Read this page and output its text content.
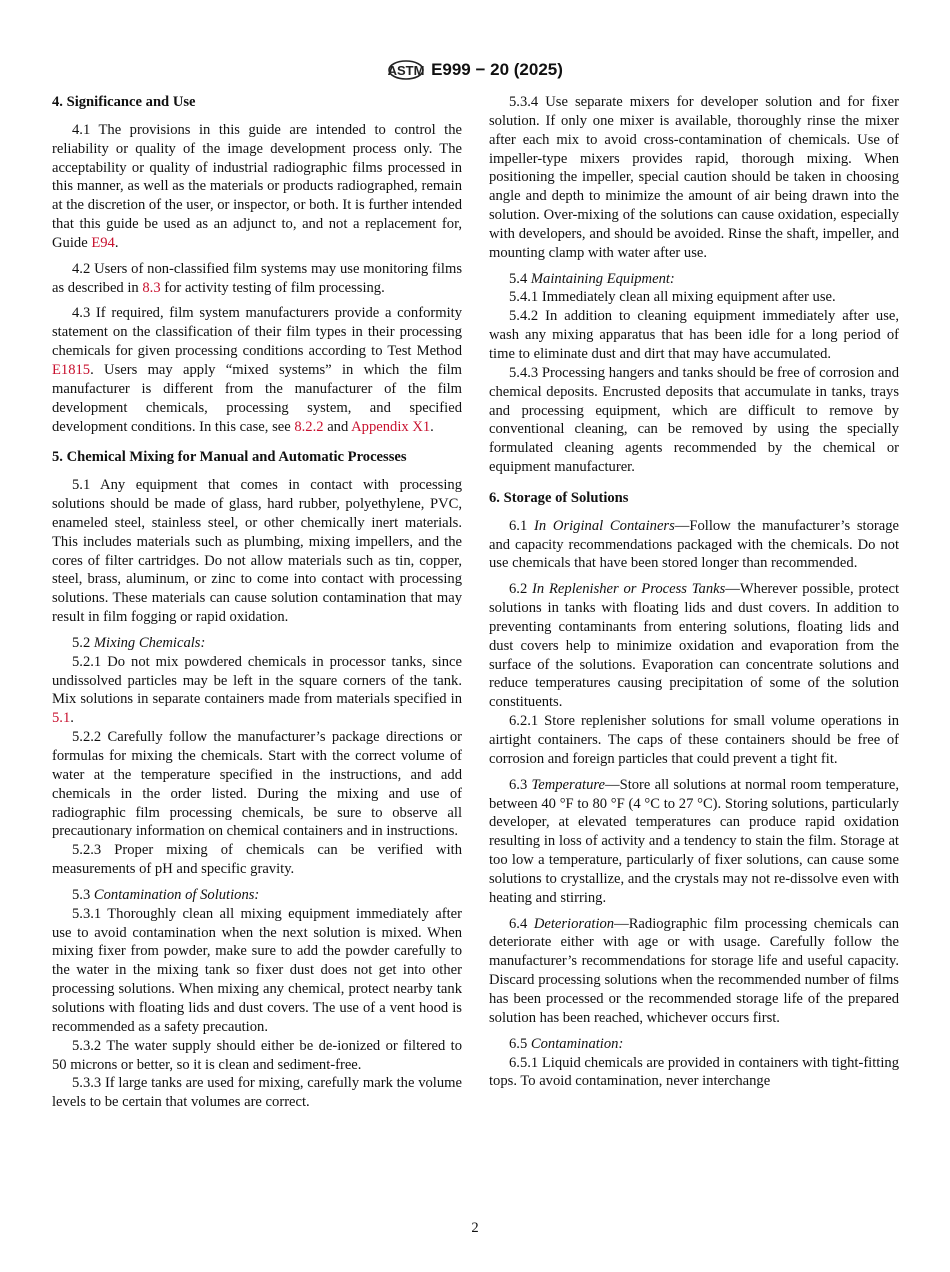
ASTM E999 − 20 (2025)
4. Significance and Use

4.1 The provisions in this guide are intended to control the reliability or quality of the image development process only. The acceptability or quality of industrial radiographic films processed in this manner, as well as the materials or products radiographed, remain at the discretion of the user, or inspector, or both. It is further intended that this guide be used as an adjunct to, and not a replacement for, Guide E94.

4.2 Users of non-classified film systems may use monitoring films as described in 8.3 for activity testing of film processing.

4.3 If required, film system manufacturers provide a conformity statement on the classification of their film types in their processing chemicals for given processing conditions according to Test Method E1815. Users may apply “mixed systems” in which the film manufacturer is different from the manufacturer of the film development chemicals, processing system, and specified development conditions. In this case, see 8.2.2 and Appendix X1.

5. Chemical Mixing for Manual and Automatic Processes

5.1 Any equipment that comes in contact with processing solutions should be made of glass, hard rubber, polyethylene, PVC, enameled steel, stainless steel, or other chemically inert materials. This includes materials such as plumbing, mixing impellers, and the cores of filter cartridges. Do not allow materials such as tin, copper, steel, brass, aluminum, or zinc to come into contact with processing solutions. These materials can cause solution contamination that may result in film fogging or rapid oxidation.

5.2 Mixing Chemicals:

5.2.1 Do not mix powdered chemicals in processor tanks, since undissolved particles may be left in the square corners of the tank. Mix solutions in separate containers made from materials specified in 5.1.

5.2.2 Carefully follow the manufacturer’s package directions or formulas for mixing the chemicals. Start with the correct volume of water at the temperature specified in the instructions, and add chemicals in the order listed. During the mixing and use of radiographic film processing chemicals, be sure to observe all precautionary information on chemical containers and in instructions.

5.2.3 Proper mixing of chemicals can be verified with measurements of pH and specific gravity.

5.3 Contamination of Solutions:

5.3.1 Thoroughly clean all mixing equipment immediately after use to avoid contamination when the next solution is mixed. When mixing fixer from powder, make sure to add the powder carefully to the water in the mixing tank so fixer dust does not get into other processing solutions. When mixing any chemical, protect nearby tank solutions with floating lids and dust covers. The use of a vent hood is recommended as a safety precaution.

5.3.2 The water supply should either be de-ionized or filtered to 50 microns or better, so it is clean and sediment-free.

5.3.3 If large tanks are used for mixing, carefully mark the volume levels to be certain that volumes are correct.

5.3.4 Use separate mixers for developer solution and for fixer solution. If only one mixer is available, thoroughly rinse the mixer after each mix to avoid cross-contamination of chemicals. Use of impeller-type mixers provides rapid, thorough mixing. When positioning the impeller, special caution should be taken in choosing angle and depth to minimize the amount of air being drawn into the solution. Over-mixing of the solutions can cause oxidation, especially with developers, and should be avoided. Rinse the shaft, impeller, and mounting clamp with water after use.

5.4 Maintaining Equipment:

5.4.1 Immediately clean all mixing equipment after use.

5.4.2 In addition to cleaning equipment immediately after use, wash any mixing apparatus that has been idle for a long period of time to eliminate dust and dirt that may have accumulated.

5.4.3 Processing hangers and tanks should be free of corrosion and chemical deposits. Encrusted deposits that accumulate in tanks, trays and processing equipment, which are difficult to remove by conventional cleaning, can be removed by using the specially formulated cleaning agents recommended by the chemical or equipment manufacturer.

6. Storage of Solutions

6.1 In Original Containers—Follow the manufacturer’s storage and capacity recommendations packaged with the chemicals. Do not use chemicals that have been stored longer than recommended.

6.2 In Replenisher or Process Tanks—Wherever possible, protect solutions in tanks with floating lids and dust covers. In addition to preventing contaminants from entering solutions, floating lids and dust covers help to minimize oxidation and evaporation from the surface of the solutions. Evaporation can concentrate solutions and reduce temperatures causing precipitation of some of the solution constituents.

6.2.1 Store replenisher solutions for small volume operations in airtight containers. The caps of these containers should be free of corrosion and foreign particles that could prevent a tight fit.

6.3 Temperature—Store all solutions at normal room temperature, between 40 °F to 80 °F (4 °C to 27 °C). Storing solutions, particularly developer, at elevated temperatures can produce rapid oxidation resulting in loss of activity and a tendency to stain the film. Storage at too low a temperature, particularly of fixer solutions, can cause some solutions to crystallize, and the crystals may not re-dissolve even with heating and stirring.

6.4 Deterioration—Radiographic film processing chemicals can deteriorate either with age or with usage. Carefully follow the manufacturer’s recommendations for storage life and useful capacity. Discard processing solutions when the recommended number of films has been processed or the recommended storage life of the prepared solution has been reached, whichever occurs first.

6.5 Contamination:

6.5.1 Liquid chemicals are provided in containers with tight-fitting tops. To avoid contamination, never interchange

2
